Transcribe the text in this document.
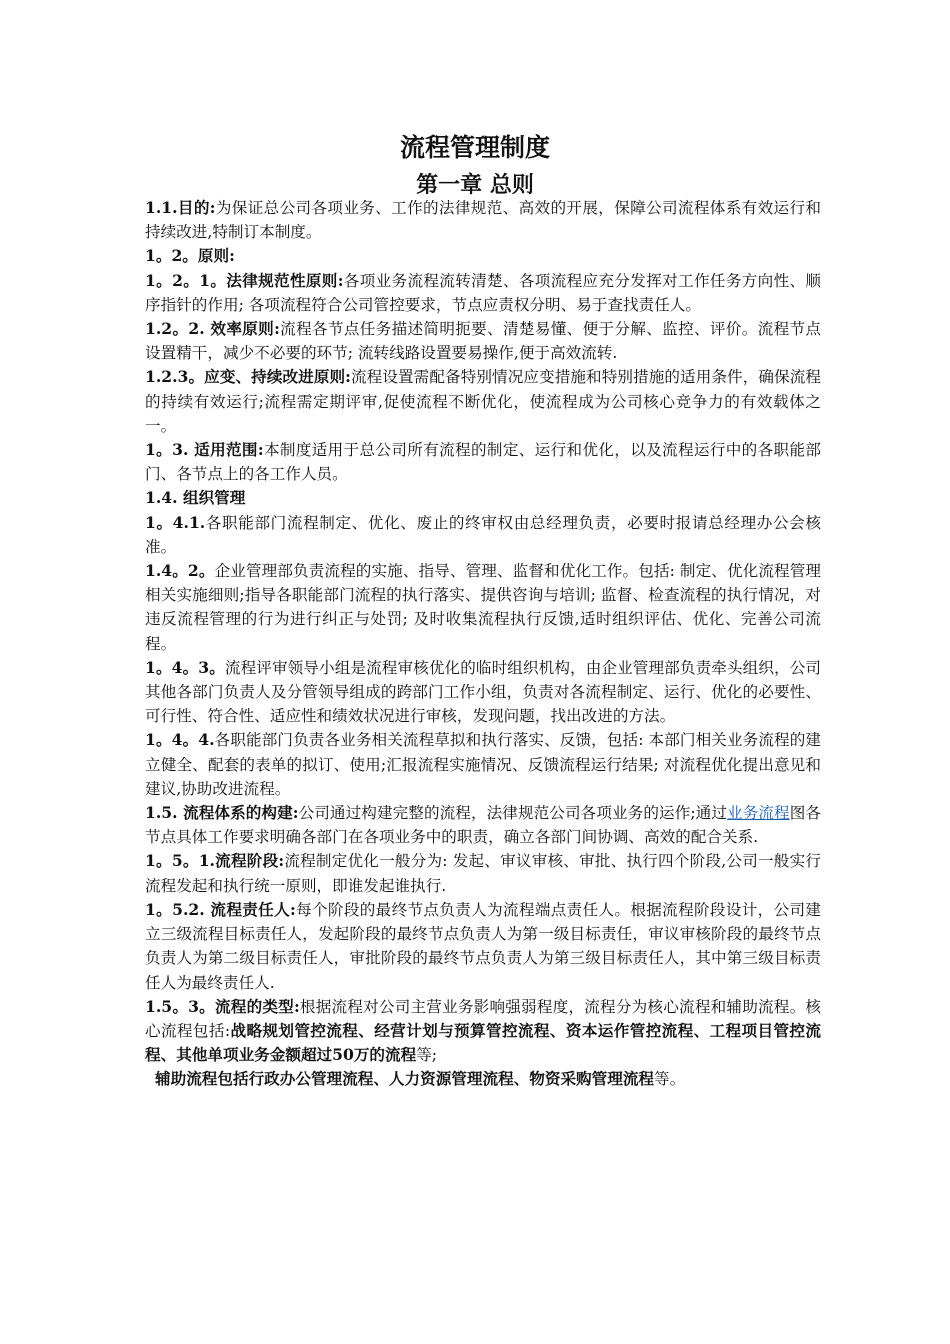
流程管理制度
第一章 总则

1.1.目的:为保证总公司各项业务、工作的法律规范、高效的开展，保障公司流程体系有效运行和持续改进,特制订本制度。

1。2。原则:

1。2。1。法律规范性原则:各项业务流程流转清楚、各项流程应充分发挥对工作任务方向性、顺序指针的作用; 各项流程符合公司管控要求，节点应责权分明、易于查找责任人。

1.2。2. 效率原则:流程各节点任务描述简明扼要、清楚易懂、便于分解、监控、评价。流程节点设置精干，减少不必要的环节; 流转线路设置要易操作,便于高效流转.

1.2.3。应变、持续改进原则:流程设置需配备特别情况应变措施和特别措施的适用条件，确保流程的持续有效运行;流程需定期评审,促使流程不断优化，使流程成为公司核心竞争力的有效载体之一。

1。3. 适用范围:本制度适用于总公司所有流程的制定、运行和优化，以及流程运行中的各职能部门、各节点上的各工作人员。

1.4. 组织管理

1。4.1.各职能部门流程制定、优化、废止的终审权由总经理负责，必要时报请总经理办公会核准。

1.4。2。企业管理部负责流程的实施、指导、管理、监督和优化工作。包括: 制定、优化流程管理相关实施细则;指导各职能部门流程的执行落实、提供咨询与培训; 监督、检查流程的执行情况，对违反流程管理的行为进行纠正与处罚; 及时收集流程执行反馈,适时组织评估、优化、完善公司流程。

1。4。3。流程评审领导小组是流程审核优化的临时组织机构，由企业管理部负责牵头组织，公司其他各部门负责人及分管领导组成的跨部门工作小组，负责对各流程制定、运行、优化的必要性、可行性、符合性、适应性和绩效状况进行审核，发现问题，找出改进的方法。

1。4。4.各职能部门负责各业务相关流程草拟和执行落实、反馈，包括: 本部门相关业务流程的建立健全、配套的表单的拟订、使用;汇报流程实施情况、反馈流程运行结果; 对流程优化提出意见和建议,协助改进流程。

1.5. 流程体系的构建:公司通过构建完整的流程，法律规范公司各项业务的运作;通过业务流程图各节点具体工作要求明确各部门在各项业务中的职责，确立各部门间协调、高效的配合关系.

1。5。1.流程阶段:流程制定优化一般分为: 发起、审议审核、审批、执行四个阶段,公司一般实行流程发起和执行统一原则，即谁发起谁执行.

1。5.2. 流程责任人:每个阶段的最终节点负责人为流程端点责任人。根据流程阶段设计，公司建立三级流程目标责任人，发起阶段的最终节点负责人为第一级目标责任，审议审核阶段的最终节点负责人为第二级目标责任人，审批阶段的最终节点负责人为第三级目标责任人，其中第三级目标责任人为最终责任人.

1.5。3。流程的类型:根据流程对公司主营业务影响强弱程度，流程分为核心流程和辅助流程。核心流程包括:战略规划管控流程、经营计划与预算管控流程、资本运作管控流程、工程项目管控流程、其他单项业务金额超过50万的流程等;
辅助流程包括行政办公管理流程、人力资源管理流程、物资采购管理流程等。
